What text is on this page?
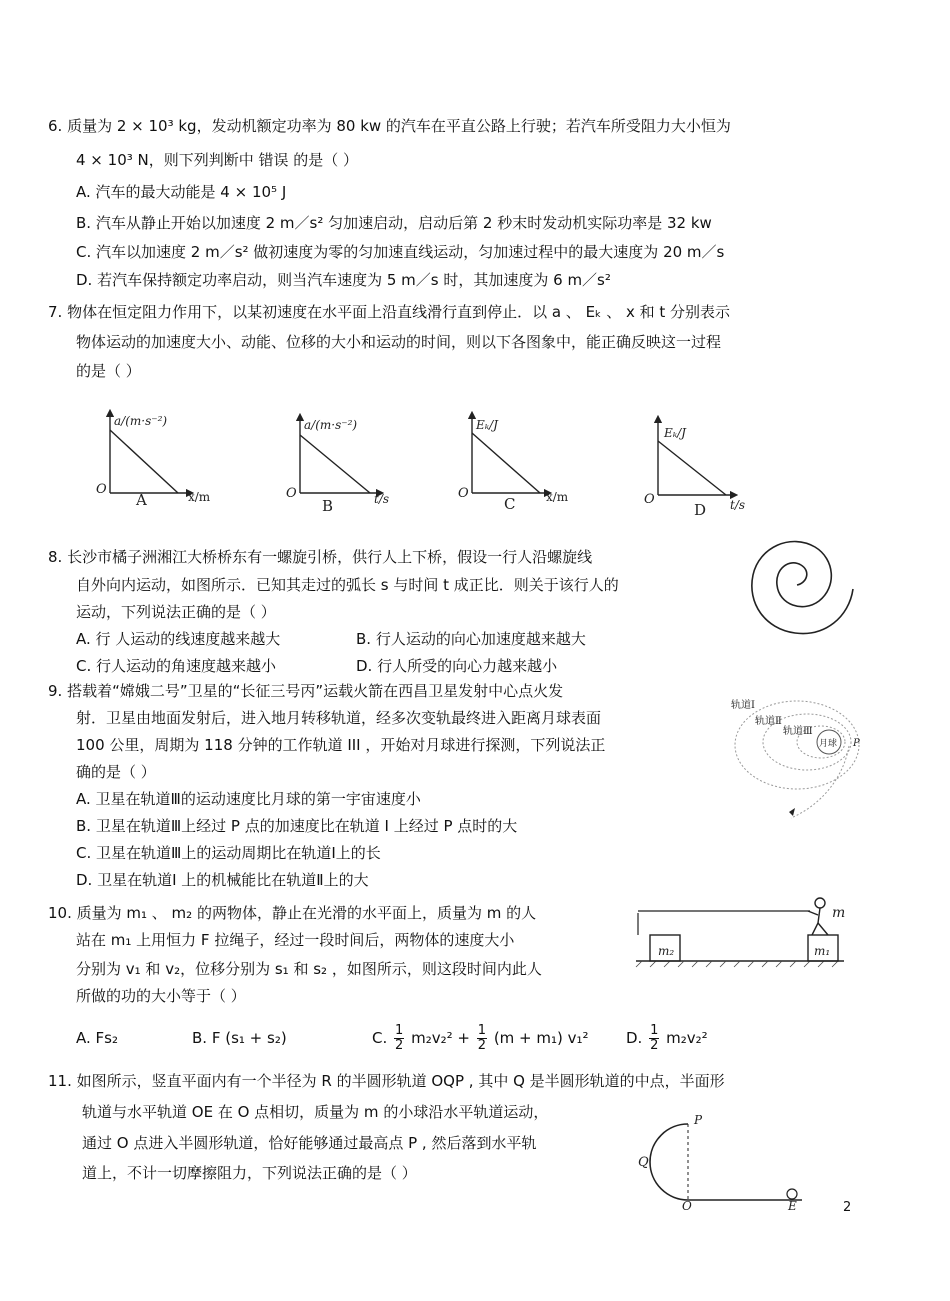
6. 质量为 2 × 10³ kg，发动机额定功率为 80 kw 的汽车在平直公路上行驶；若汽车所受阻力大小恒为
4 × 10³ N，则下列判断中 错误 的是（ ）
A. 汽车的最大动能是 4 × 10⁵ J
B. 汽车从静止开始以加速度 2 m／s² 匀加速启动，启动后第 2 秒末时发动机实际功率是 32 kw
C. 汽车以加速度 2 m／s² 做初速度为零的匀加速直线运动，匀加速过程中的最大速度为 20 m／s
D. 若汽车保持额定功率启动，则当汽车速度为 5 m／s 时，其加速度为 6 m／s²
7. 物体在恒定阻力作用下，以某初速度在水平面上沿直线滑行直到停止．以 a 、 Eₖ 、 x 和 t 分别表示
物体运动的加速度大小、动能、位移的大小和运动的时间，则以下各图象中，能正确反映这一过程
的是（ ）
a/(m·s⁻²)
x/m
O
A
a/(m·s⁻²)
t/s
O
B
Eₖ/J
x/m
O
C
Eₖ/J
t/s
O
D
8. 长沙市橘子洲湘江大桥桥东有一螺旋引桥，供行人上下桥，假设一行人沿螺旋线
自外向内运动，如图所示．已知其走过的弧长 s 与时间 t 成正比．则关于该行人的
运动，下列说法正确的是（ ）
A. 行 人运动的线速度越来越大	B. 行人运动的向心加速度越来越大
C. 行人运动的角速度越来越小	D. 行人所受的向心力越来越小
9. 搭载着“嫦娥二号”卫星的“长征三号丙”运载火箭在西昌卫星发射中心点火发
射．卫星由地面发射后，进入地月转移轨道，经多次变轨最终进入距离月球表面
100 公里，周期为 118 分钟的工作轨道 III ，开始对月球进行探测，下列说法正
确的是（ ）
A. 卫星在轨道Ⅲ的运动速度比月球的第一宇宙速度小
B. 卫星在轨道Ⅲ上经过 P 点的加速度比在轨道 Ⅰ 上经过 P 点时的大
C. 卫星在轨道Ⅲ上的运动周期比在轨道Ⅰ上的长
D. 卫星在轨道Ⅰ 上的机械能比在轨道Ⅱ上的大
轨道Ⅰ
轨道Ⅱ
轨道Ⅲ
月球 P
10. 质量为 m₁ 、 m₂ 的两物体，静止在光滑的水平面上，质量为 m 的人
站在 m₁ 上用恒力 F 拉绳子，经过一段时间后，两物体的速度大小
分别为 v₁ 和 v₂，位移分别为 s₁ 和 s₂ ，如图所示，则这段时间内此人
所做的功的大小等于（ ）
A. Fs₂	B. F (s₁ + s₂)	C. $\frac{1}{2} m_2v_2^2 + \frac{1}{2} (m + m_1)$ v₁² D. $\frac{1}{2} m_2v_2^2$
m₂	m₁
m
11. 如图所示，竖直平面内有一个半径为 R 的半圆形轨道 OQP , 其中 Q 是半圆形轨道的中点，半面形
轨道与水平轨道 OE 在 O 点相切，质量为 m 的小球沿水平轨道运动，
通过 O 点进入半圆形轨道，恰好能够通过最高点 P , 然后落到水平轨
道上，不计一切摩擦阻力，下列说法正确的是（ ）
P
Q
O	E	2
